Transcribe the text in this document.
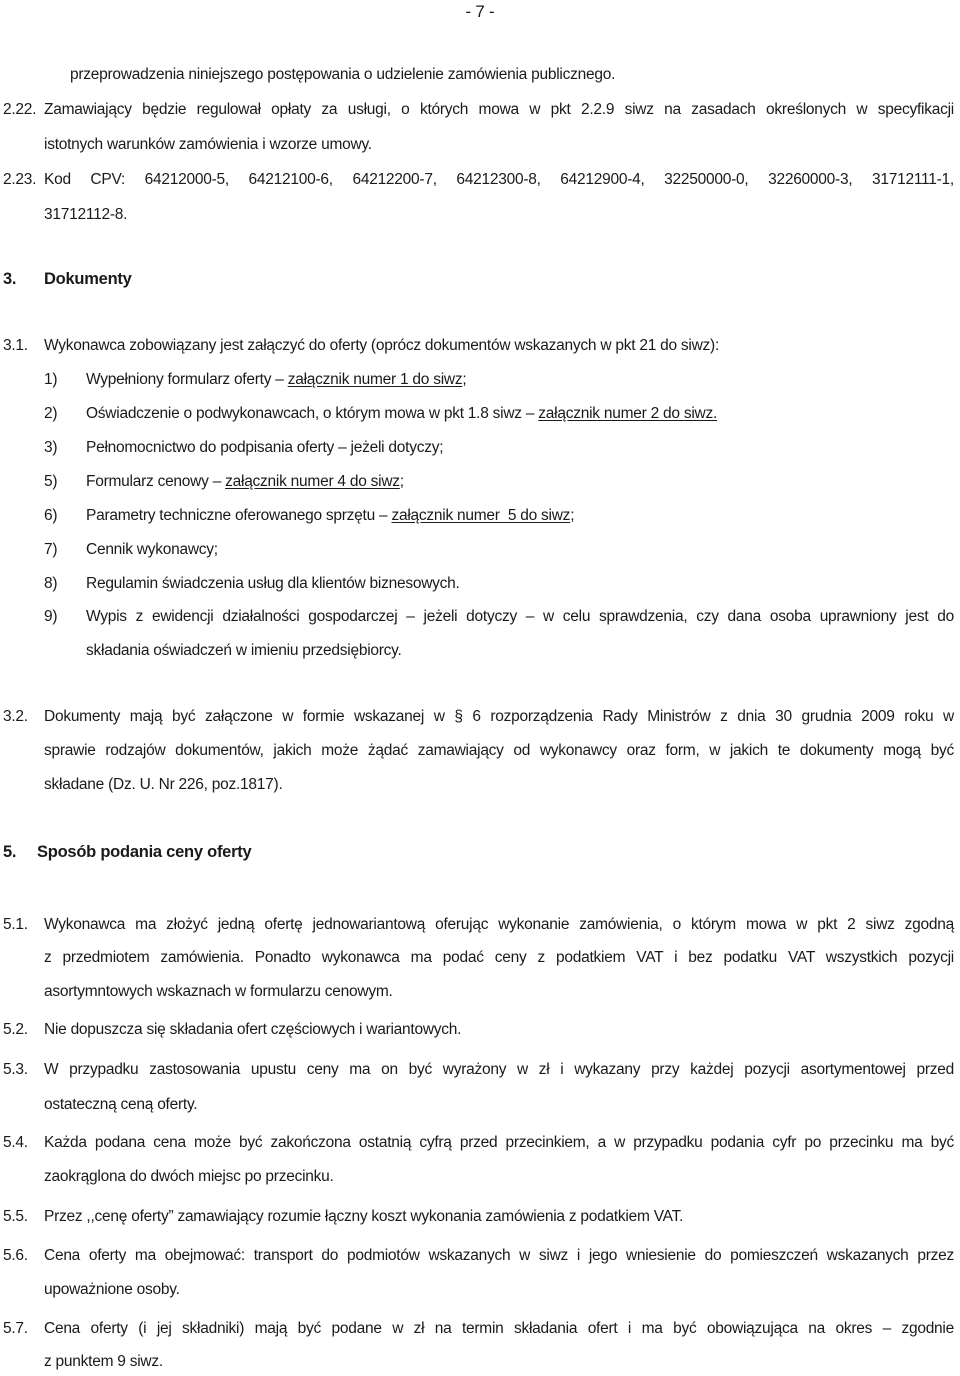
- 7 -
przeprowadzenia niniejszego postępowania o udzielenie zamówienia publicznego.
2.22. Zamawiający będzie regulował opłaty za usługi, o których mowa w pkt 2.2.9 siwz na zasadach określonych w specyfikacji
istotnych warunków zamówienia i wzorze umowy.
2.23. Kod CPV: 64212000-5, 64212100-6, 64212200-7, 64212300-8, 64212900-4, 32250000-0, 32260000-3, 31712111-1,
31712112-8.
3. Dokumenty
3.1. Wykonawca zobowiązany jest załączyć do oferty (oprócz dokumentów wskazanych w pkt 21 do siwz):
1) Wypełniony formularz oferty – załącznik numer 1 do siwz;
2) Oświadczenie o podwykonawcach, o którym mowa w pkt 1.8 siwz – załącznik numer 2 do siwz.
3) Pełnomocnictwo do podpisania oferty – jeżeli dotyczy;
5) Formularz cenowy – załącznik numer 4 do siwz;
6) Parametry techniczne oferowanego sprzętu – załącznik numer  5 do siwz;
7) Cennik wykonawcy;
8) Regulamin świadczenia usług dla klientów biznesowych.
9) Wypis z ewidencji działalności gospodarczej – jeżeli dotyczy – w celu sprawdzenia, czy dana osoba uprawniony jest do
składania oświadczeń w imieniu przedsiębiorcy.
3.2. Dokumenty mają być załączone w formie wskazanej w § 6 rozporządzenia Rady Ministrów z dnia 30 grudnia 2009 roku w
sprawie rodzajów dokumentów, jakich może żądać zamawiający od wykonawcy oraz form, w jakich te dokumenty mogą być
składane (Dz. U. Nr 226, poz.1817).
5. Sposób podania ceny oferty
5.1. Wykonawca ma złożyć jedną ofertę jednowariantową oferując wykonanie zamówienia, o którym mowa w pkt 2 siwz zgodną
z przedmiotem zamówienia. Ponadto wykonawca ma podać ceny z podatkiem VAT i bez podatku VAT wszystkich pozycji
asortymntowych wskaznach w formularzu cenowym.
5.2. Nie dopuszcza się składania ofert częściowych i wariantowych.
5.3. W przypadku zastosowania upustu ceny ma on być wyrażony w zł i wykazany przy każdej pozycji asortymentowej przed
ostateczną ceną oferty.
5.4. Każda podana cena może być zakończona ostatnią cyfrą przed przecinkiem, a w przypadku podania cyfr po przecinku ma być
zaokrąglona do dwóch miejsc po przecinku.
5.5. Przez ,,cenę oferty” zamawiający rozumie łączny koszt wykonania zamówienia z podatkiem VAT.
5.6. Cena oferty ma obejmować: transport do podmiotów wskazanych w siwz i jego wniesienie do pomieszczeń wskazanych przez
upoważnione osoby.
5.7. Cena oferty (i jej składniki) mają być podane w zł na termin składania ofert i ma być obowiązująca na okres – zgodnie
z punktem 9 siwz.
